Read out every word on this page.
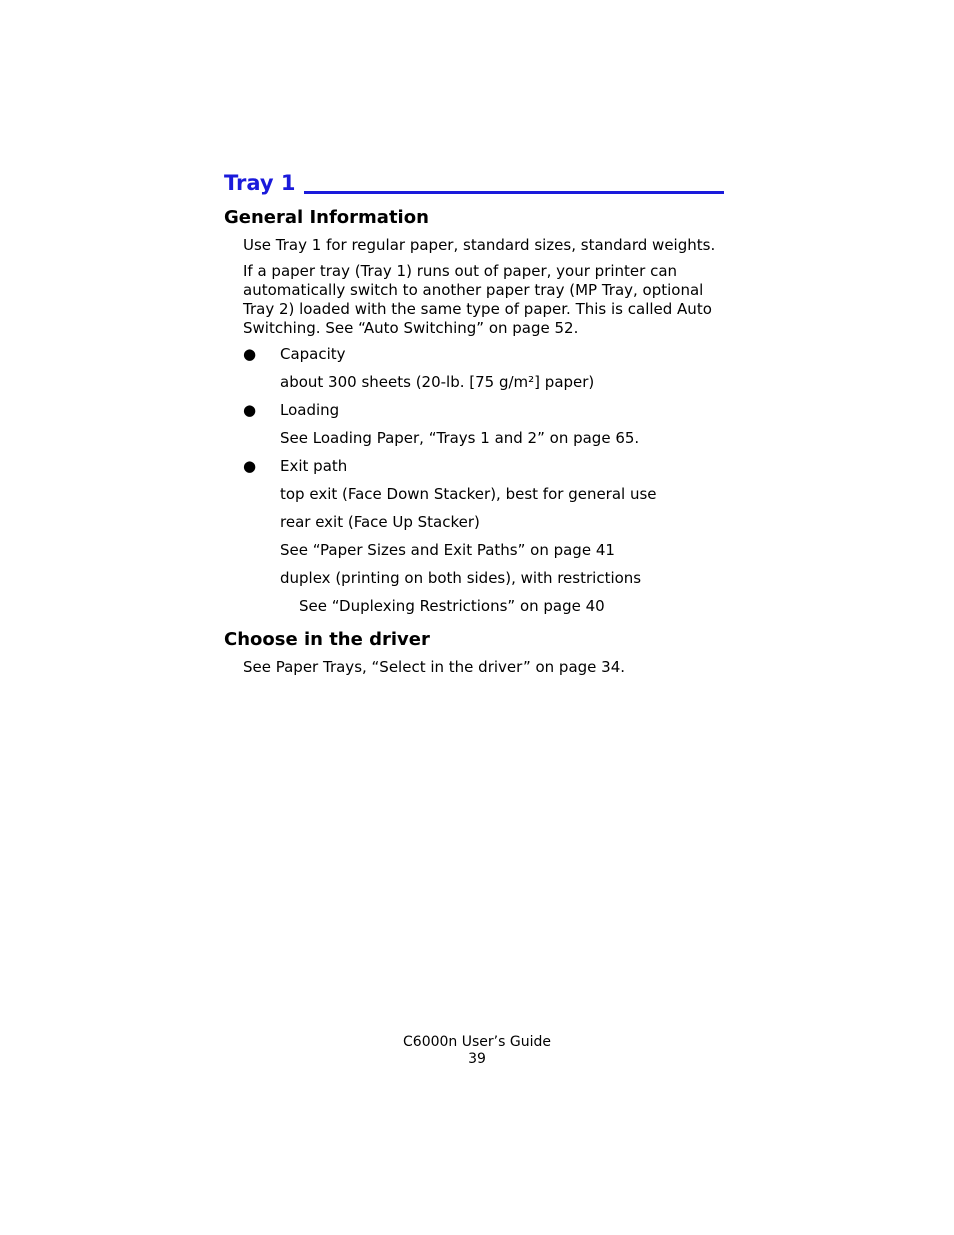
Tray 1
General Information

Use Tray 1 for regular paper, standard sizes, standard weights.

If a paper tray (Tray 1) runs out of paper, your printer can automatically switch to another paper tray (MP Tray, optional Tray 2) loaded with the same type of paper. This is called Auto Switching. See “Auto Switching” on page 52.

● Capacity

about 300 sheets (20-lb. [75 g/m²] paper)

● Loading

See Loading Paper, “Trays 1 and 2” on page 65.

● Exit path

top exit (Face Down Stacker), best for general use

rear exit (Face Up Stacker)

See “Paper Sizes and Exit Paths” on page 41

duplex (printing on both sides), with restrictions

See “Duplexing Restrictions” on page 40

Choose in the driver

See Paper Trays, “Select in the driver” on page 34.

C6000n User’s Guide

39
